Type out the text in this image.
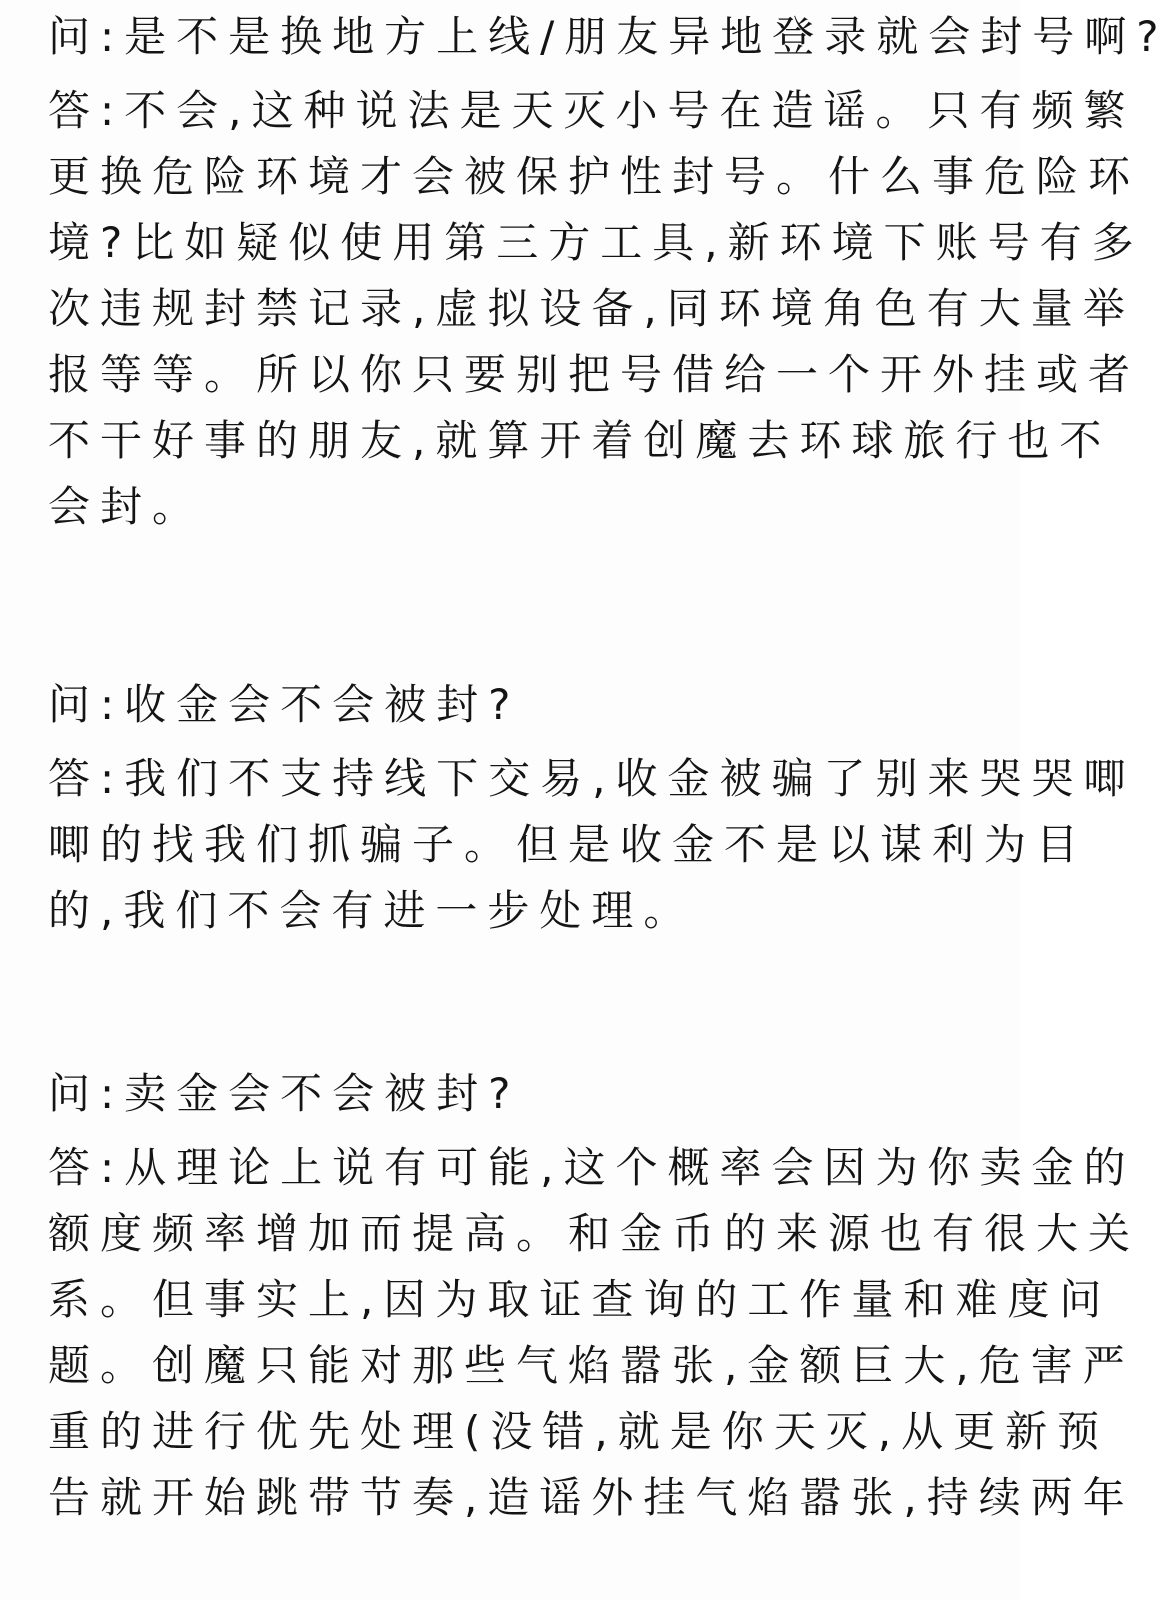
问:是不是换地方上线/朋友异地登录就会封号啊?

答:不会,这种说法是天灭小号在造谣。只有频繁
更换危险环境才会被保护性封号。什么事危险环
境?比如疑似使用第三方工具,新环境下账号有多
次违规封禁记录,虚拟设备,同环境角色有大量举
报等等。所以你只要别把号借给一个开外挂或者
不干好事的朋友,就算开着创魔去环球旅行也不
会封。

问:收金会不会被封?

答:我们不支持线下交易,收金被骗了别来哭哭唧
唧的找我们抓骗子。但是收金不是以谋利为目
的,我们不会有进一步处理。

问:卖金会不会被封?

答:从理论上说有可能,这个概率会因为你卖金的
额度频率增加而提高。和金币的来源也有很大关
系。但事实上,因为取证查询的工作量和难度问
题。创魔只能对那些气焰嚣张,金额巨大,危害严
重的进行优先处理(没错,就是你天灭,从更新预
告就开始跳带节奏,造谣外挂气焰嚣张,持续两年
